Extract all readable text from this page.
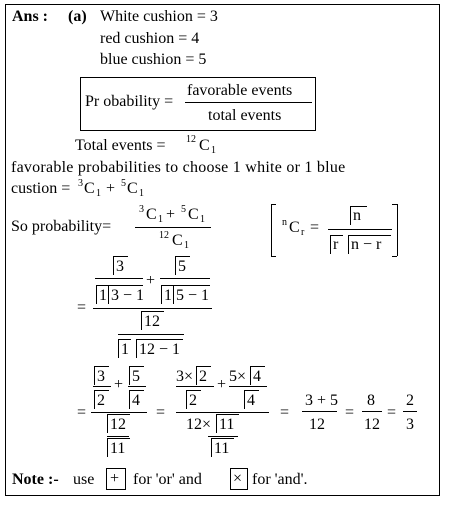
Ans : (a) White cushion = 3
red cushion = 4
blue cushion = 5
Pr obability =
favorable events
total events
Total events = 12 C 1
favorable probabilities to choose 1 white or 1 blue
custion = 3 C 1 + 5 C 1
So probability=
3 C 1 + 5 C 1
12 C 1
n C r =
n
r n − r
=
3
1 3 − 1
+
5
1 5 − 1
12
1 12 − 1
=
3
2
+ 5
4
12
11
=
3× 2
2
+ 5× 4
4
12× 11
11
=
3 + 5
12
=
8
12
=
2
3
Note :- use + for 'or' and × for 'and'.
